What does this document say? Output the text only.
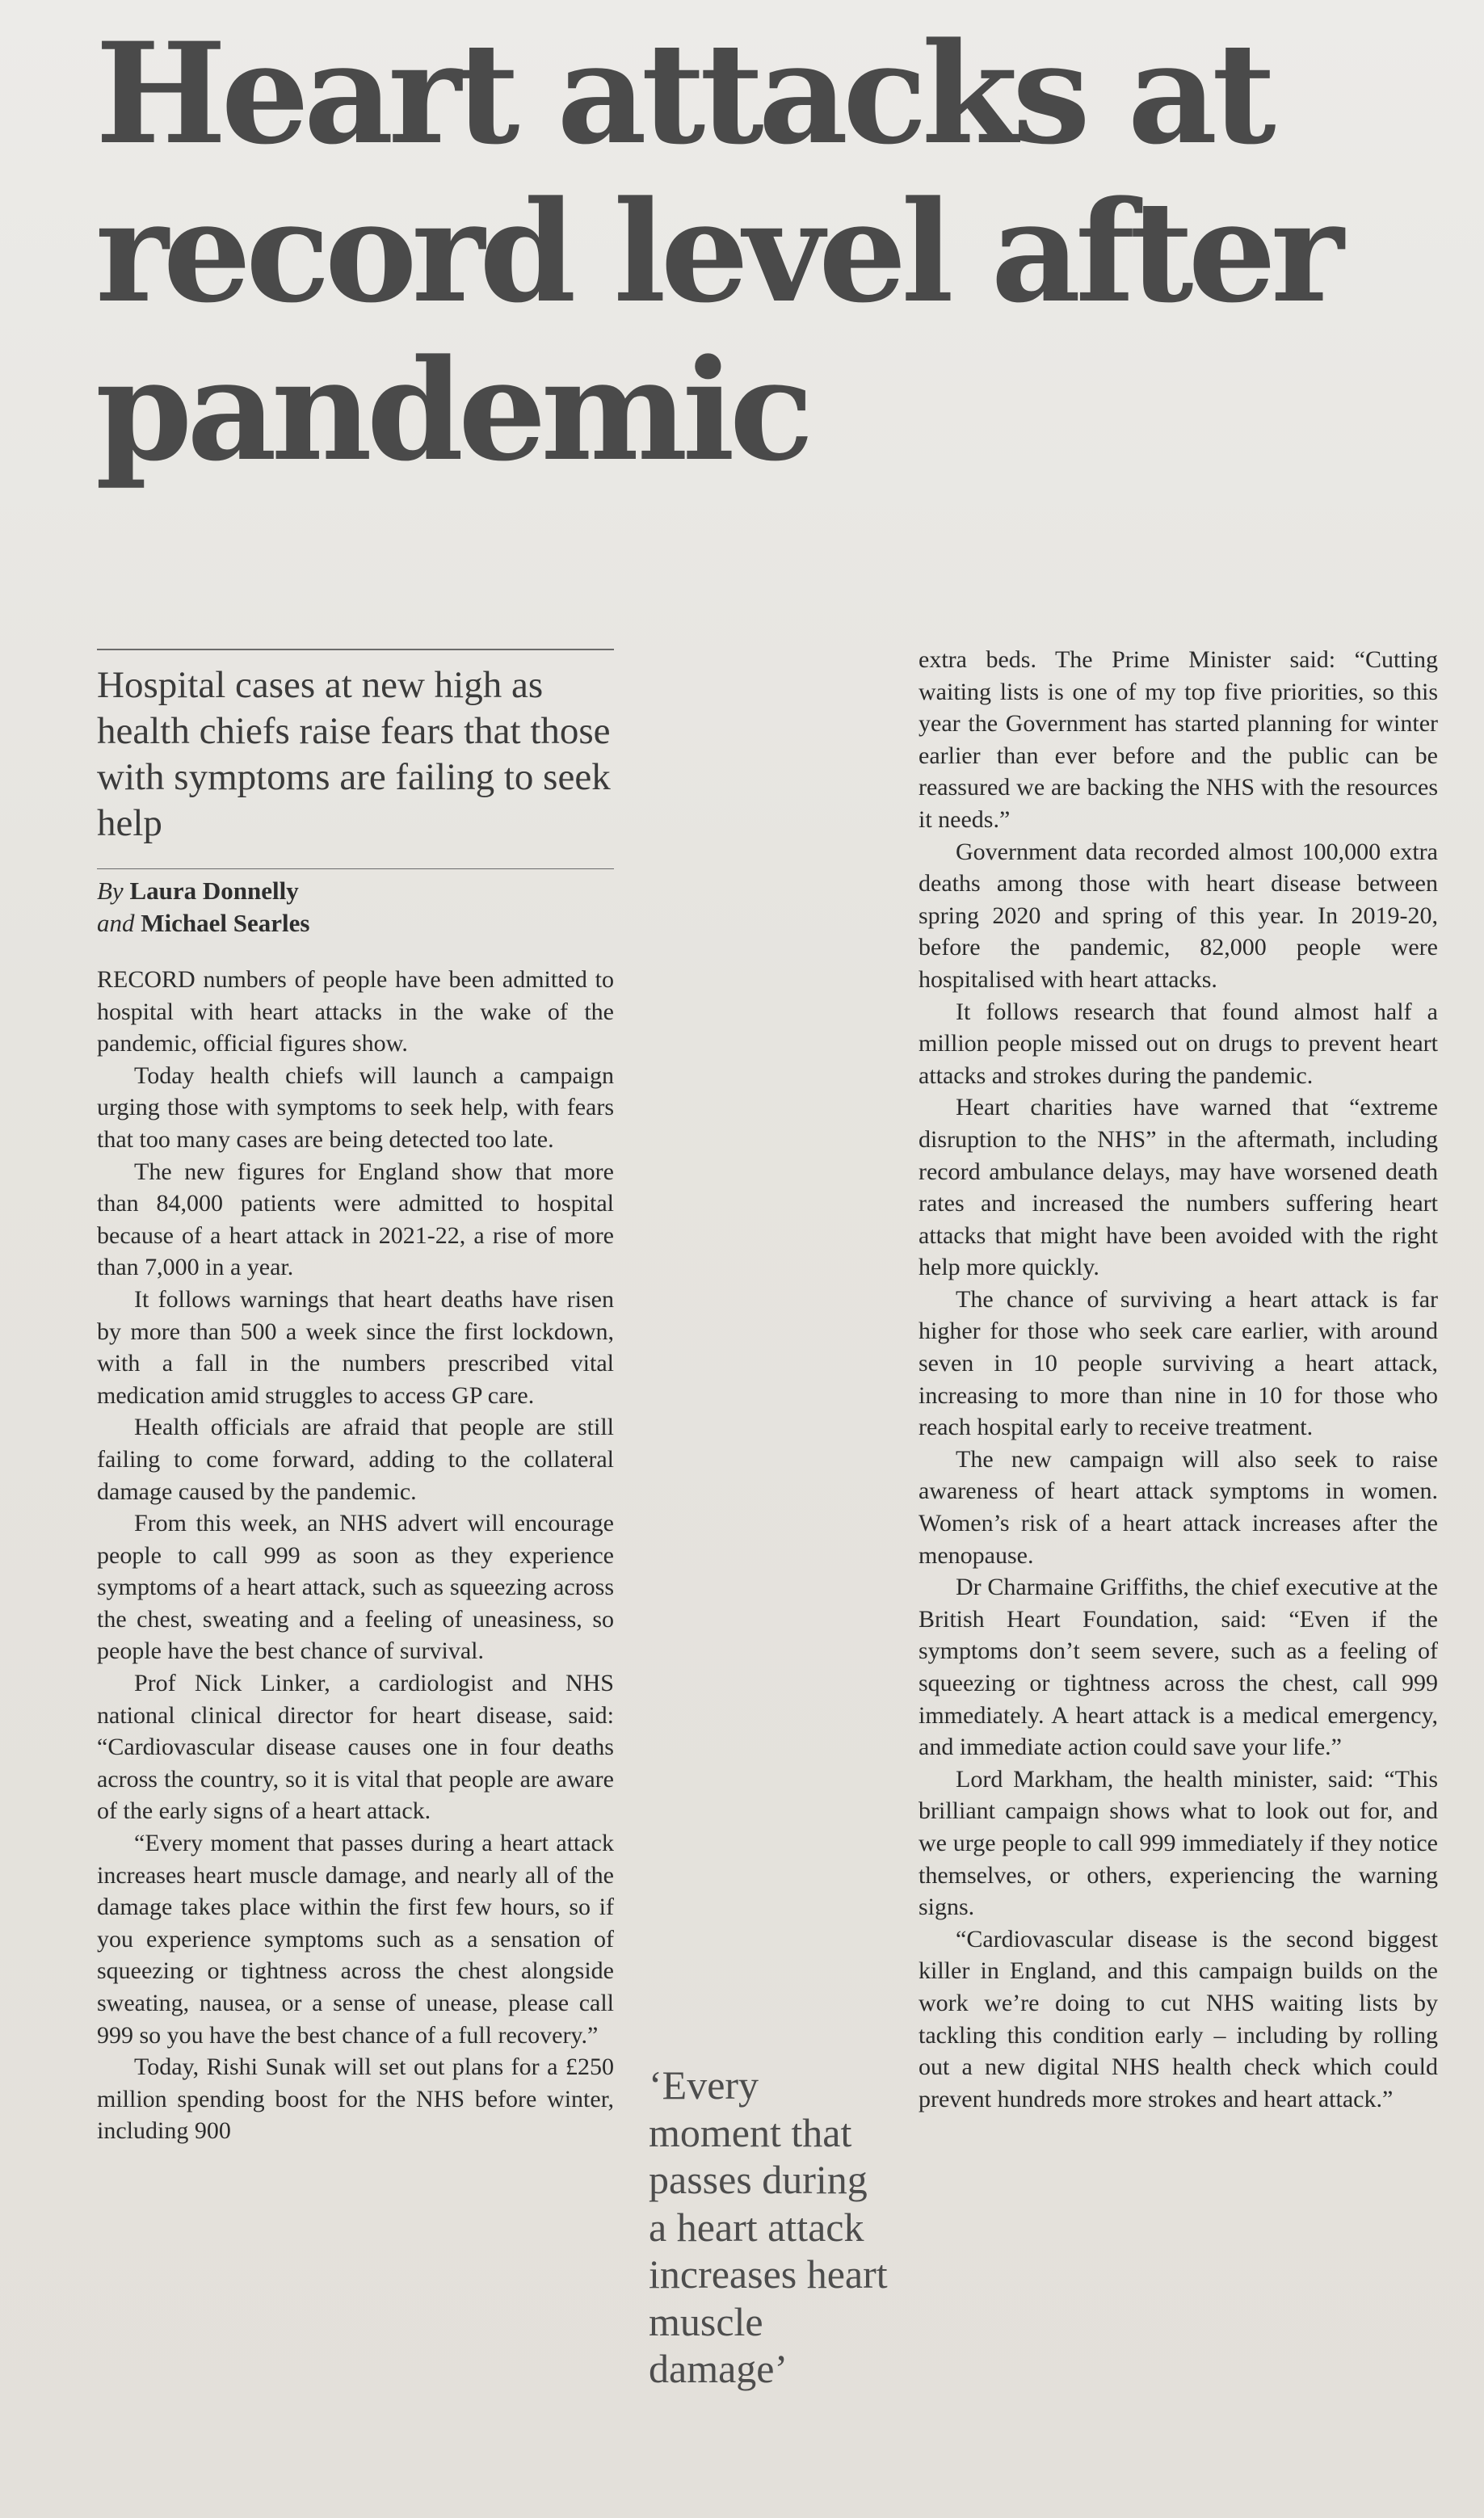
Heart attacks at record level after pandemic

Hospital cases at new high as health chiefs raise fears that those with symptoms are failing to seek help

By Laura Donnelly
and Michael Searles

RECORD numbers of people have been admitted to hospital with heart attacks in the wake of the pandemic, official figures show.

Today health chiefs will launch a campaign urging those with symptoms to seek help, with fears that too many cases are being detected too late.

The new figures for England show that more than 84,000 patients were admitted to hospital because of a heart attack in 2021-22, a rise of more than 7,000 in a year.

It follows warnings that heart deaths have risen by more than 500 a week since the first lockdown, with a fall in the numbers prescribed vital medication amid struggles to access GP care.

Health officials are afraid that people are still failing to come forward, adding to the collateral damage caused by the pandemic.

From this week, an NHS advert will encourage people to call 999 as soon as they experience symptoms of a heart attack, such as squeezing across the chest, sweating and a feeling of uneasiness, so people have the best chance of survival.

Prof Nick Linker, a cardiologist and NHS national clinical director for heart disease, said: “Cardiovascular disease causes one in four deaths across the country, so it is vital that people are aware of the early signs of a heart attack.

“Every moment that passes during a heart attack increases heart muscle damage, and nearly all of the damage takes place within the first few hours, so if you experience symptoms such as a sensation of squeezing or tightness across the chest alongside sweating, nausea, or a sense of unease, please call 999 so you have the best chance of a full recovery.”

Today, Rishi Sunak will set out plans for a £250 million spending boost for the NHS before winter, including 900

‘Every moment that passes during a heart attack increases heart muscle damage’

extra beds. The Prime Minister said: “Cutting waiting lists is one of my top five priorities, so this year the Government has started planning for winter earlier than ever before and the public can be reassured we are backing the NHS with the resources it needs.”

Government data recorded almost 100,000 extra deaths among those with heart disease between spring 2020 and spring of this year. In 2019-20, before the pandemic, 82,000 people were hospitalised with heart attacks.

It follows research that found almost half a million people missed out on drugs to prevent heart attacks and strokes during the pandemic.

Heart charities have warned that “extreme disruption to the NHS” in the aftermath, including record ambulance delays, may have worsened death rates and increased the numbers suffering heart attacks that might have been avoided with the right help more quickly.

The chance of surviving a heart attack is far higher for those who seek care earlier, with around seven in 10 people surviving a heart attack, increasing to more than nine in 10 for those who reach hospital early to receive treatment.

The new campaign will also seek to raise awareness of heart attack symptoms in women. Women’s risk of a heart attack increases after the menopause.

Dr Charmaine Griffiths, the chief executive at the British Heart Foundation, said: “Even if the symptoms don’t seem severe, such as a feeling of squeezing or tightness across the chest, call 999 immediately. A heart attack is a medical emergency, and immediate action could save your life.”

Lord Markham, the health minister, said: “This brilliant campaign shows what to look out for, and we urge people to call 999 immediately if they notice themselves, or others, experiencing the warning signs.

“Cardiovascular disease is the second biggest killer in England, and this campaign builds on the work we’re doing to cut NHS waiting lists by tackling this condition early – including by rolling out a new digital NHS health check which could prevent hundreds more strokes and heart attack.”
